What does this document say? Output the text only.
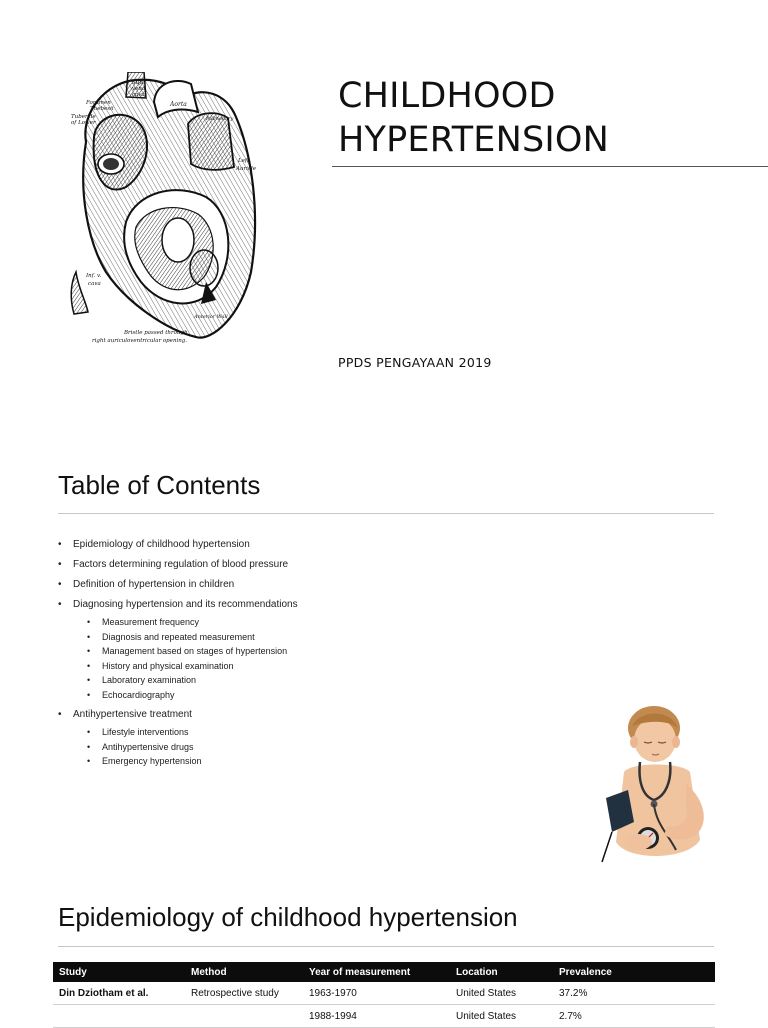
Sup.
vena
cava
Foramen
Thebesii
Tubercle
of Lower
Aorta
Pulmonary
Left
Auricle
Inf. v.
cava
Anterior Wall
Bristle passed through
right auriculoventricular opening.
CHILDHOOD
HYPERTENSION
PPDS PENGAYAAN 2019
Table of Contents
• Epidemiology of childhood hypertension
• Factors determining regulation of blood pressure
• Definition of hypertension in children
• Diagnosing hypertension and its recommendations
• Measurement frequency
• Diagnosis and repeated measurement
• Management based on stages of hypertension
• History and physical examination
• Laboratory examination
• Echocardiography
• Antihypertensive treatment
• Lifestyle interventions
• Antihypertensive drugs
• Emergency hypertension
Epidemiology of childhood hypertension
Study	Method	Year of measurement	Location	Prevalence
Din Dziotham et al.	Retrospective study	1963-1970	United States	37.2%
		1988-1994	United States	2.7%
